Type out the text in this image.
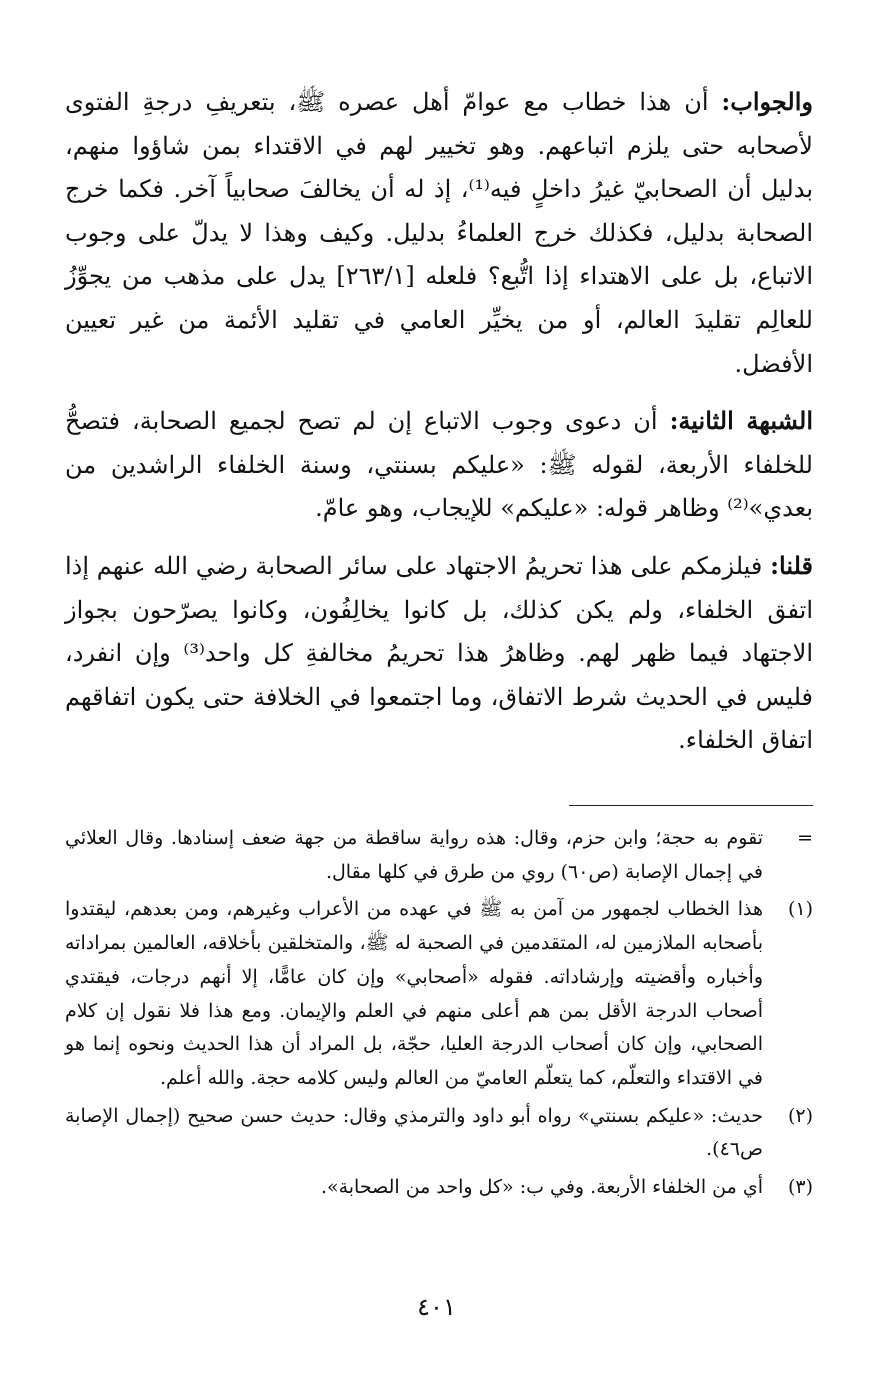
والجواب: أن هذا خطاب مع عوامّ أهل عصره ﷺ، بتعريفِ درجةِ الفتوى لأصحابه حتى يلزم اتباعهم. وهو تخيير لهم في الاقتداء بمن شاؤوا منهم، بدليل أن الصحابيّ غيرُ داخلٍ فيه⁽¹⁾، إذ له أن يخالفَ صحابياً آخر. فكما خرج الصحابة بدليل، فكذلك خرج العلماءُ بدليل. وكيف وهذا لا يدلّ على وجوب الاتباع، بل على الاهتداء إذا اتُّبع؟ فلعله [٢٦٣/١] يدل على مذهب من يجوِّزُ للعالِم تقليدَ العالم، أو من يخيِّر العامي في تقليد الأئمة من غير تعيين الأفضل.

الشبهة الثانية: أن دعوى وجوب الاتباع إن لم تصح لجميع الصحابة، فتصحُّ للخلفاء الأربعة، لقوله ﷺ: «عليكم بسنتي، وسنة الخلفاء الراشدين من بعدي»⁽²⁾ وظاهر قوله: «عليكم» للإيجاب، وهو عامّ.

قلنا: فيلزمكم على هذا تحريمُ الاجتهاد على سائر الصحابة رضي الله عنهم إذا اتفق الخلفاء، ولم يكن كذلك، بل كانوا يخالِفُون، وكانوا يصرّحون بجواز الاجتهاد فيما ظهر لهم. وظاهرُ هذا تحريمُ مخالفةِ كل واحد⁽³⁾ وإن انفرد، فليس في الحديث شرط الاتفاق، وما اجتمعوا في الخلافة حتى يكون اتفاقهم اتفاق الخلفاء.

=
تقوم به حجة؛ وابن حزم، وقال: هذه رواية ساقطة من جهة ضعف إسنادها. وقال العلائي في إجمال الإصابة (ص٦٠) روي من طرق في كلها مقال.
(١)
هذا الخطاب لجمهور من آمن به ﷺ في عهده من الأعراب وغيرهم، ومن بعدهم، ليقتدوا بأصحابه الملازمين له، المتقدمين في الصحبة له ﷺ، والمتخلقين بأخلاقه، العالمين بمراداته وأخباره وأقضيته وإرشاداته. فقوله «أصحابي» وإن كان عامًّا، إلا أنهم درجات، فيقتدي أصحاب الدرجة الأقل بمن هم أعلى منهم في العلم والإيمان. ومع هذا فلا نقول إن كلام الصحابي، وإن كان أصحاب الدرجة العليا، حجّة، بل المراد أن هذا الحديث ونحوه إنما هو في الاقتداء والتعلّم، كما يتعلّم العاميّ من العالم وليس كلامه حجة. والله أعلم.
(٢)
حديث: «عليكم بسنتي» رواه أبو داود والترمذي وقال: حديث حسن صحيح (إجمال الإصابة ص٤٦).
(٣)
أي من الخلفاء الأربعة. وفي ب: «كل واحد من الصحابة».
٤٠١
